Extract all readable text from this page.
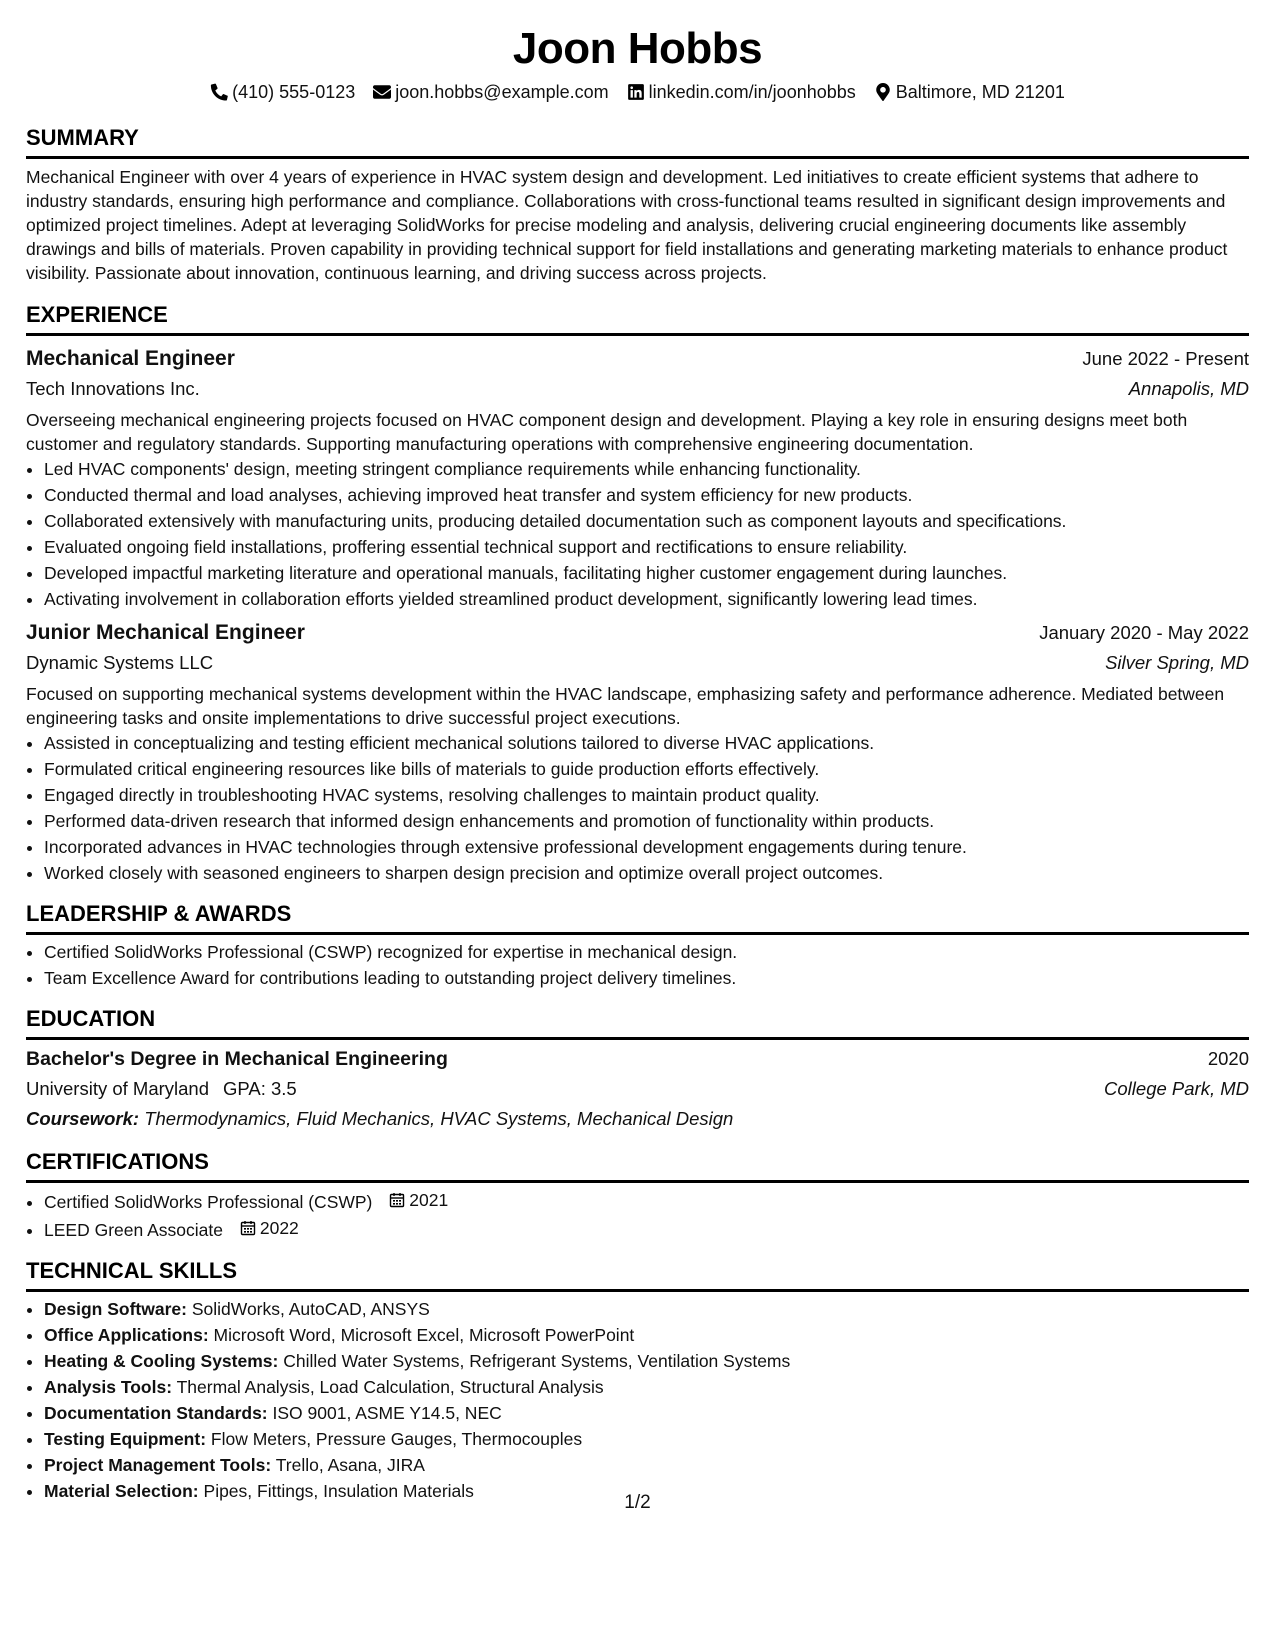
Joon Hobbs
(410) 555-0123 joon.hobbs@example.com linkedin.com/in/joonhobbs Baltimore, MD 21201
SUMMARY

Mechanical Engineer with over 4 years of experience in HVAC system design and development. Led initiatives to create efficient systems that adhere to industry standards, ensuring high performance and compliance. Collaborations with cross-functional teams resulted in significant design improvements and optimized project timelines. Adept at leveraging SolidWorks for precise modeling and analysis, delivering crucial engineering documents like assembly drawings and bills of materials. Proven capability in providing technical support for field installations and generating marketing materials to enhance product visibility. Passionate about innovation, continuous learning, and driving success across projects.

EXPERIENCE
Mechanical Engineer	June 2022 - Present
Tech Innovations Inc.	Annapolis, MD
Overseeing mechanical engineering projects focused on HVAC component design and development. Playing a key role in ensuring designs meet both customer and regulatory standards. Supporting manufacturing operations with comprehensive engineering documentation.
• Led HVAC components' design, meeting stringent compliance requirements while enhancing functionality.
• Conducted thermal and load analyses, achieving improved heat transfer and system efficiency for new products.
• Collaborated extensively with manufacturing units, producing detailed documentation such as component layouts and specifications.
• Evaluated ongoing field installations, proffering essential technical support and rectifications to ensure reliability.
• Developed impactful marketing literature and operational manuals, facilitating higher customer engagement during launches.
• Activating involvement in collaboration efforts yielded streamlined product development, significantly lowering lead times.
Junior Mechanical Engineer	January 2020 - May 2022
Dynamic Systems LLC	Silver Spring, MD
Focused on supporting mechanical systems development within the HVAC landscape, emphasizing safety and performance adherence. Mediated between engineering tasks and onsite implementations to drive successful project executions.
• Assisted in conceptualizing and testing efficient mechanical solutions tailored to diverse HVAC applications.
• Formulated critical engineering resources like bills of materials to guide production efforts effectively.
• Engaged directly in troubleshooting HVAC systems, resolving challenges to maintain product quality.
• Performed data-driven research that informed design enhancements and promotion of functionality within products.
• Incorporated advances in HVAC technologies through extensive professional development engagements during tenure.
• Worked closely with seasoned engineers to sharpen design precision and optimize overall project outcomes.
LEADERSHIP & AWARDS
• Certified SolidWorks Professional (CSWP) recognized for expertise in mechanical design.
• Team Excellence Award for contributions leading to outstanding project delivery timelines.
EDUCATION
Bachelor's Degree in Mechanical Engineering	2020
University of Maryland GPA: 3.5	College Park, MD
Coursework: Thermodynamics, Fluid Mechanics, HVAC Systems, Mechanical Design
CERTIFICATIONS
• Certified SolidWorks Professional (CSWP) 2021
• LEED Green Associate 2022
TECHNICAL SKILLS
• Design Software: SolidWorks, AutoCAD, ANSYS
• Office Applications: Microsoft Word, Microsoft Excel, Microsoft PowerPoint
• Heating & Cooling Systems: Chilled Water Systems, Refrigerant Systems, Ventilation Systems
• Analysis Tools: Thermal Analysis, Load Calculation, Structural Analysis
• Documentation Standards: ISO 9001, ASME Y14.5, NEC
• Testing Equipment: Flow Meters, Pressure Gauges, Thermocouples
• Project Management Tools: Trello, Asana, JIRA
• Material Selection: Pipes, Fittings, Insulation Materials
1/2
